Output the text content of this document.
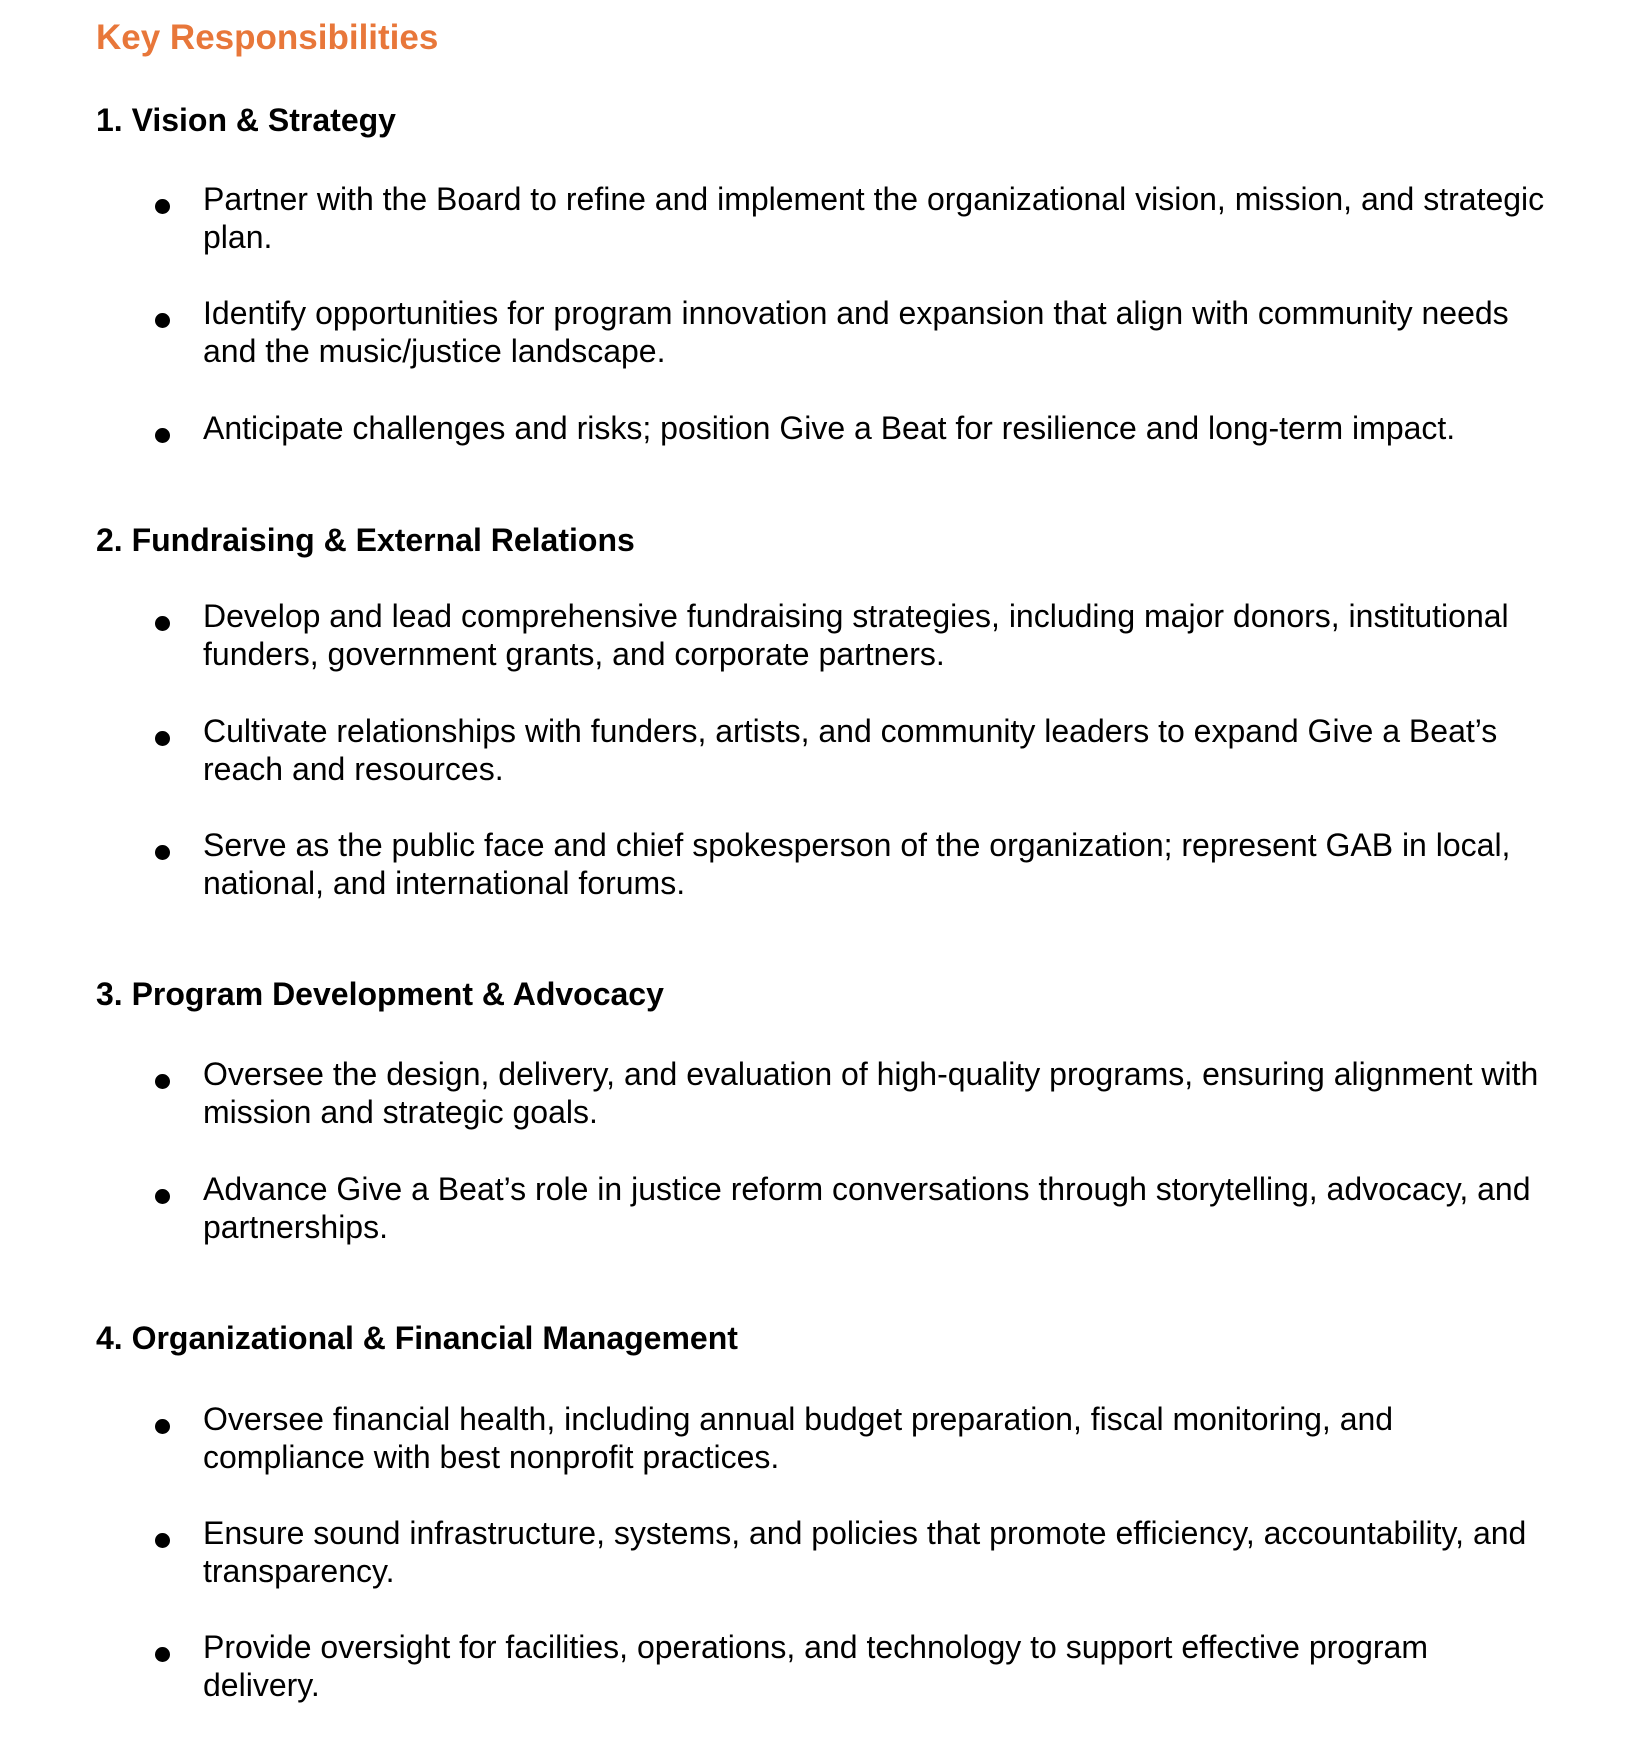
Key Responsibilities
1. Vision & Strategy
Partner with the Board to refine and implement the organizational vision, mission, and strategic plan.
Identify opportunities for program innovation and expansion that align with community needs and the music/justice landscape.
Anticipate challenges and risks; position Give a Beat for resilience and long-term impact.
2. Fundraising & External Relations
Develop and lead comprehensive fundraising strategies, including major donors, institutional funders, government grants, and corporate partners.
Cultivate relationships with funders, artists, and community leaders to expand Give a Beat’s reach and resources.
Serve as the public face and chief spokesperson of the organization; represent GAB in local, national, and international forums.
3. Program Development & Advocacy
Oversee the design, delivery, and evaluation of high-quality programs, ensuring alignment with mission and strategic goals.
Advance Give a Beat’s role in justice reform conversations through storytelling, advocacy, and partnerships.
4. Organizational & Financial Management
Oversee financial health, including annual budget preparation, fiscal monitoring, and compliance with best nonprofit practices.
Ensure sound infrastructure, systems, and policies that promote efficiency, accountability, and transparency.
Provide oversight for facilities, operations, and technology to support effective program delivery.
